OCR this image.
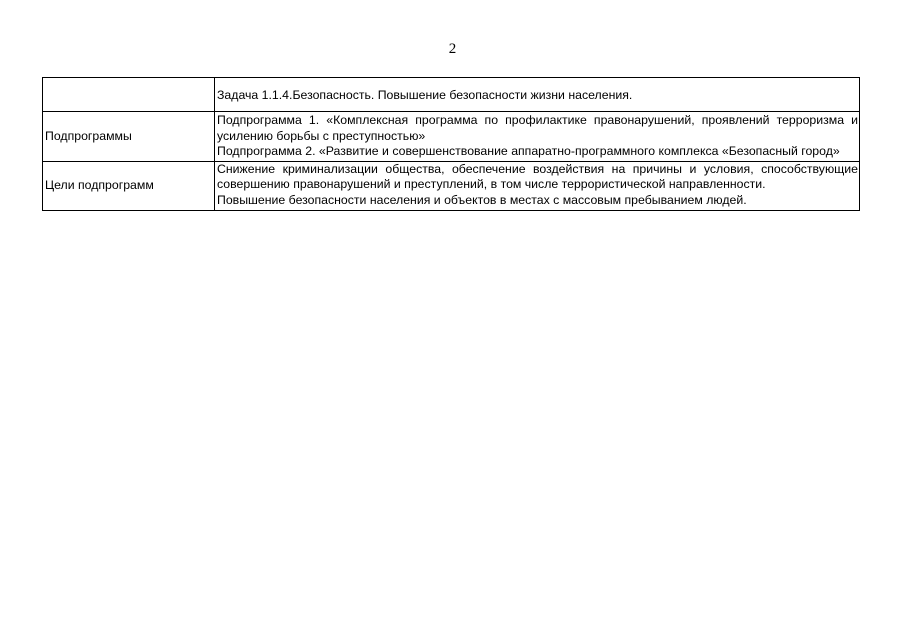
2

	Задача 1.1.4.Безопасность. Повышение безопасности жизни населения.

Подпрограммы	Подпрограмма 1. «Комплексная программа по профилактике правонарушений, проявлений терроризма и усилению борьбы с преступностью»
Подпрограмма 2. «Развитие и совершенствование аппаратно-программного комплекса «Безопасный город»

Цели подпрограмм	Снижение криминализации общества, обеспечение воздействия на причины и условия, способствующие совершению правонарушений и преступлений, в том числе террористической направленности.
Повышение безопасности населения и объектов в местах с массовым пребыванием людей.
